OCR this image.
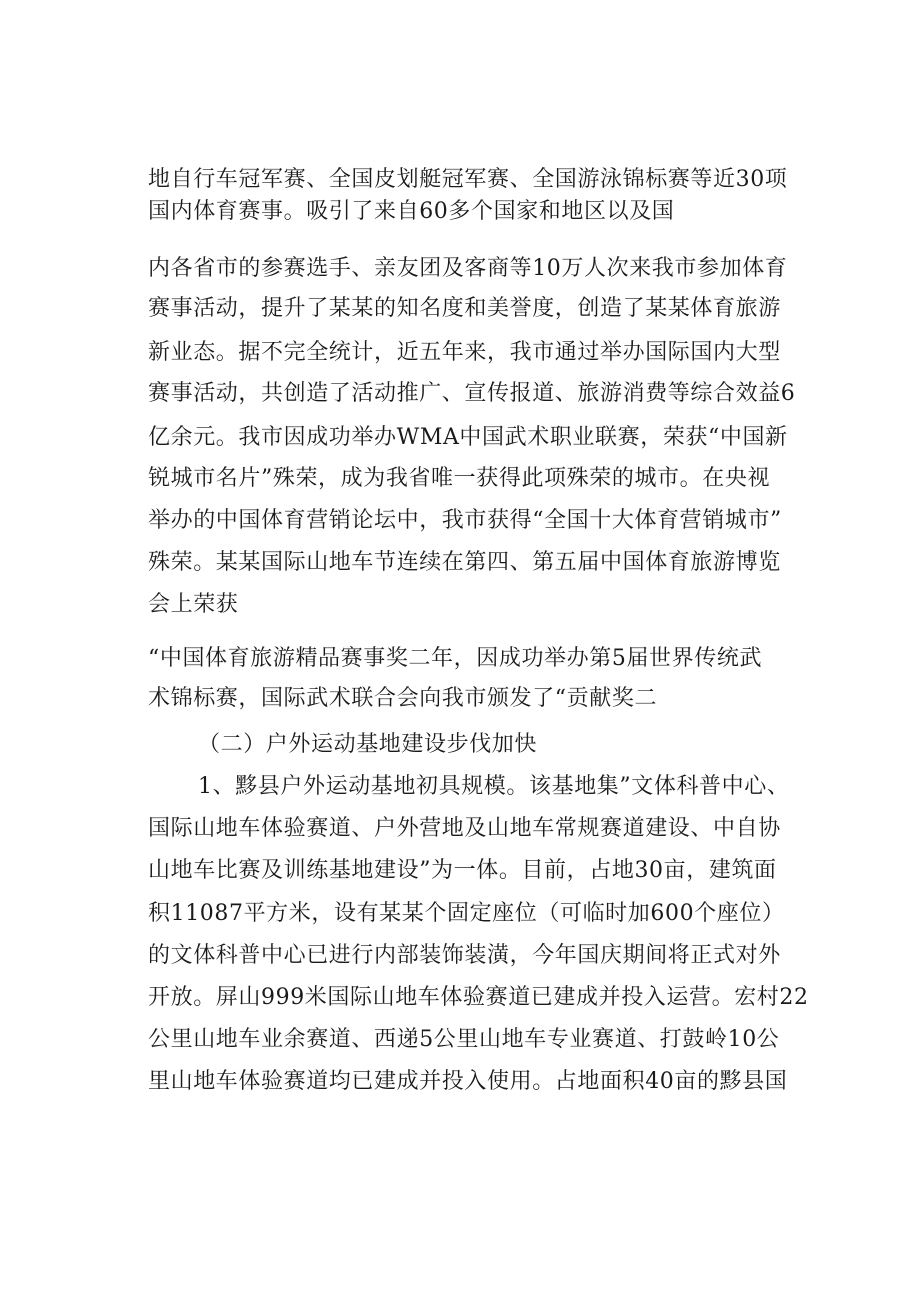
地自行车冠军赛、全国皮划艇冠军赛、全国游泳锦标赛等近30项
国内体育赛事。吸引了来自60多个国家和地区以及国
内各省市的参赛选手、亲友团及客商等10万人次来我市参加体育
赛事活动，提升了某某的知名度和美誉度，创造了某某体育旅游
新业态。据不完全统计，近五年来，我市通过举办国际国内大型
赛事活动，共创造了活动推广、宣传报道、旅游消费等综合效益6
亿余元。我市因成功举办WMA中国武术职业联赛，荣获“中国新
锐城市名片”殊荣，成为我省唯一获得此项殊荣的城市。在央视
举办的中国体育营销论坛中，我市获得“全国十大体育营销城市”
殊荣。某某国际山地车节连续在第四、第五届中国体育旅游博览
会上荣获
“中国体育旅游精品赛事奖二年，因成功举办第5届世界传统武
术锦标赛，国际武术联合会向我市颁发了“贡献奖二
（二）户外运动基地建设步伐加快
1、黟县户外运动基地初具规模。该基地集”文体科普中心、
国际山地车体验赛道、户外营地及山地车常规赛道建设、中自协
山地车比赛及训练基地建设”为一体。目前，占地30亩，建筑面
积11087平方米，设有某某个固定座位（可临时加600个座位）
的文体科普中心已进行内部装饰装潢，今年国庆期间将正式对外
开放。屏山999米国际山地车体验赛道已建成并投入运营。宏村22
公里山地车业余赛道、西递5公里山地车专业赛道、打鼓岭10公
里山地车体验赛道均已建成并投入使用。占地面积40亩的黟县国
